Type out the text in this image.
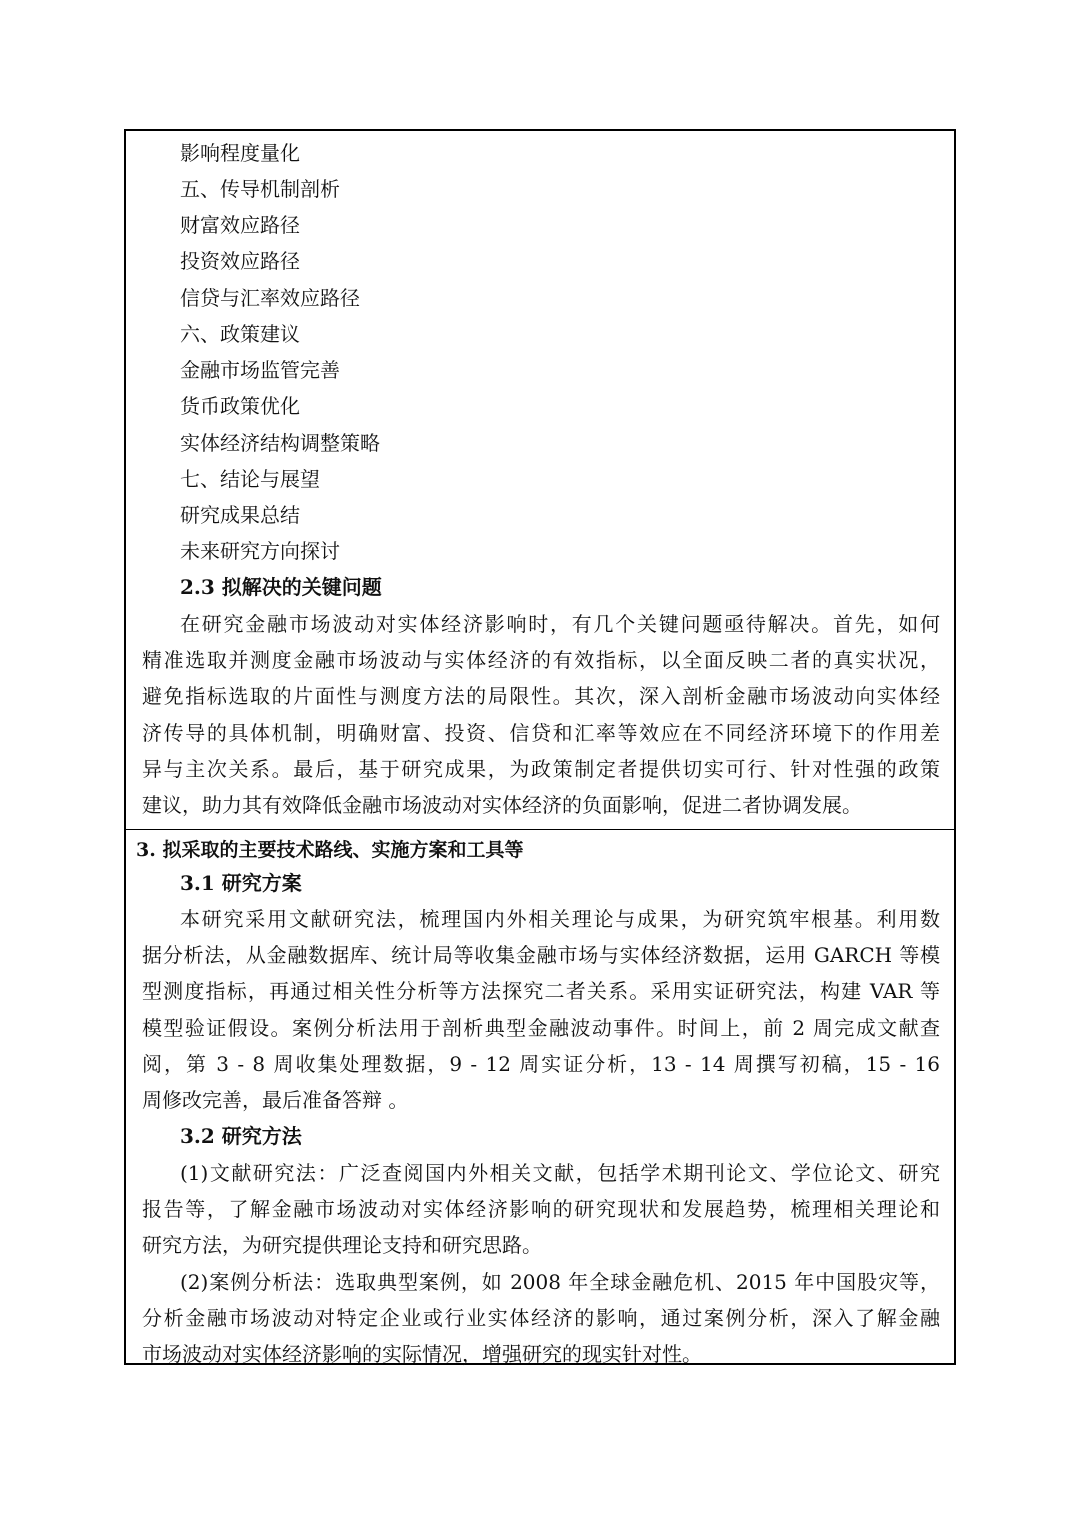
影响程度量化

五、传导机制剖析

财富效应路径

投资效应路径

信贷与汇率效应路径

六、政策建议

金融市场监管完善

货币政策优化

实体经济结构调整策略

七、结论与展望

研究成果总结

未来研究方向探讨

2.3 拟解决的关键问题

在研究金融市场波动对实体经济影响时，有几个关键问题亟待解决。首先，如何

精准选取并测度金融市场波动与实体经济的有效指标，以全面反映二者的真实状况，

避免指标选取的片面性与测度方法的局限性。其次，深入剖析金融市场波动向实体经

济传导的具体机制，明确财富、投资、信贷和汇率等效应在不同经济环境下的作用差

异与主次关系。最后，基于研究成果，为政策制定者提供切实可行、针对性强的政策

建议，助力其有效降低金融市场波动对实体经济的负面影响，促进二者协调发展。

3. 拟采取的主要技术路线、实施方案和工具等

3.1 研究方案

本研究采用文献研究法，梳理国内外相关理论与成果，为研究筑牢根基。利用数

据分析法，从金融数据库、统计局等收集金融市场与实体经济数据，运用 GARCH 等模

型测度指标，再通过相关性分析等方法探究二者关系。采用实证研究法，构建 VAR 等

模型验证假设。案例分析法用于剖析典型金融波动事件。时间上，前 2 周完成文献查

阅，第 3 - 8 周收集处理数据，9 - 12 周实证分析，13 - 14 周撰写初稿，15 - 16

周修改完善，最后准备答辩 。

3.2 研究方法

(1)文献研究法：广泛查阅国内外相关文献，包括学术期刊论文、学位论文、研究

报告等，了解金融市场波动对实体经济影响的研究现状和发展趋势，梳理相关理论和

研究方法，为研究提供理论支持和研究思路。

(2)案例分析法：选取典型案例，如 2008 年全球金融危机、2015 年中国股灾等，

分析金融市场波动对特定企业或行业实体经济的影响，通过案例分析，深入了解金融

市场波动对实体经济影响的实际情况，增强研究的现实针对性。
